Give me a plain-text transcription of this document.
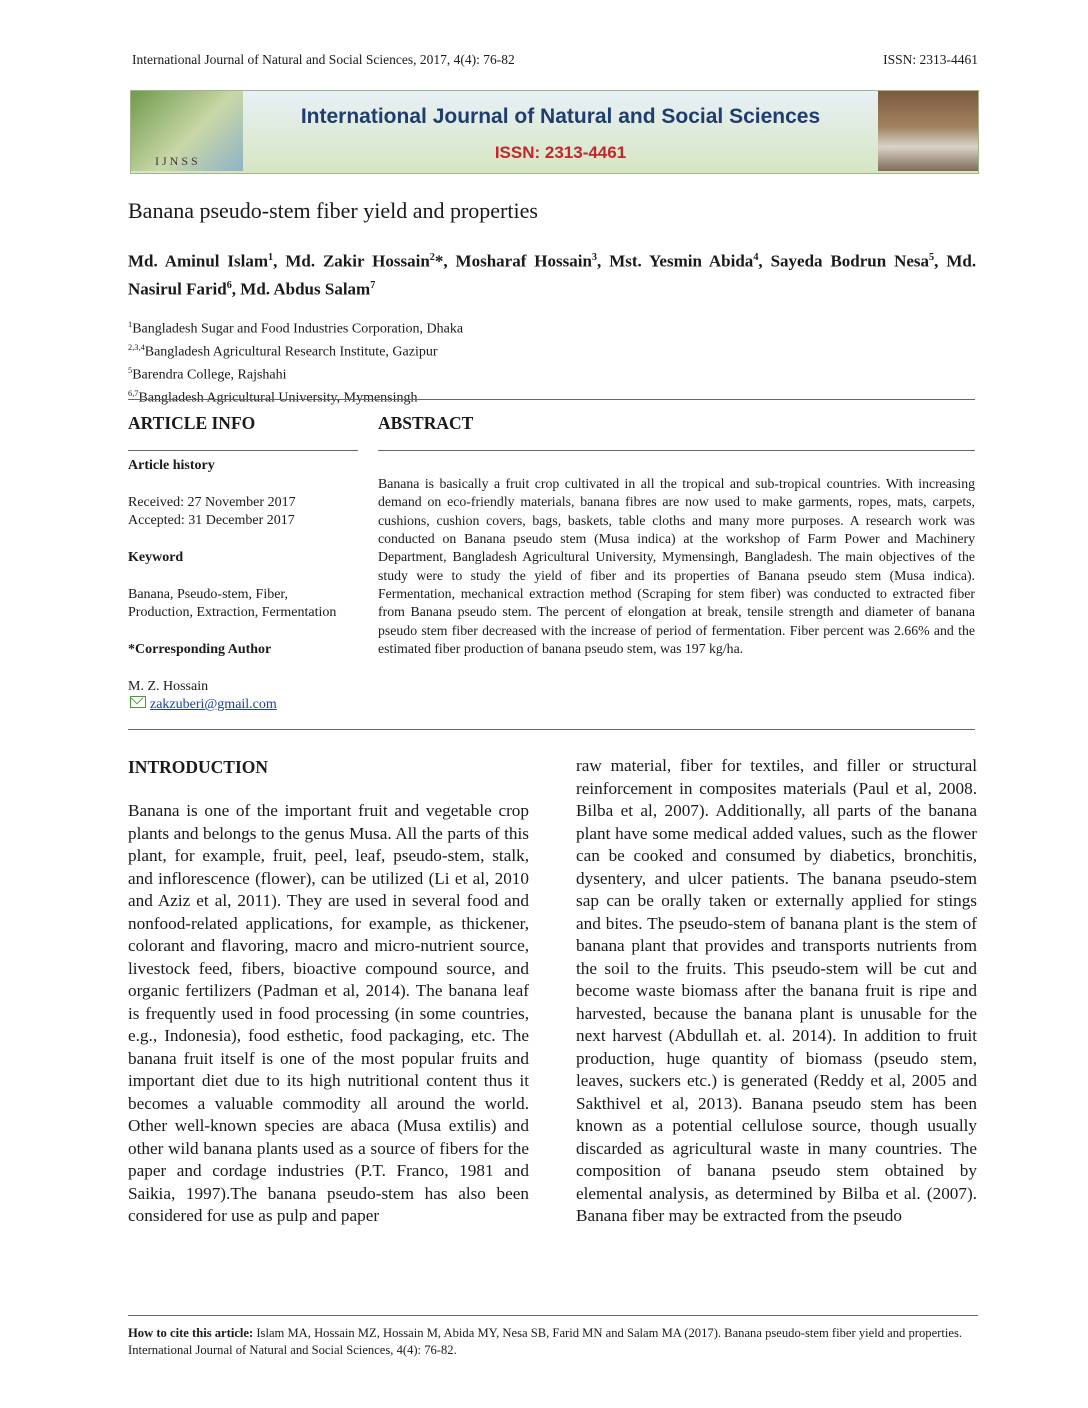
International Journal of Natural and Social Sciences, 2017, 4(4): 76-82	ISSN: 2313-4461
IJNSS
International Journal of Natural and Social Sciences
ISSN: 2313-4461
Banana pseudo-stem fiber yield and properties
Md. Aminul Islam$^1$, Md. Zakir Hossain$^2$*, Mosharaf Hossain$^3$, Mst. Yesmin Abida$^4$, Sayeda Bodrun Nesa$^5$, Md. Nasirul Farid$^6$, Md. Abdus Salam$^7$
$^1$Bangladesh Sugar and Food Industries Corporation, Dhaka
$^{2,3,4}$Bangladesh Agricultural Research Institute, Gazipur
$^5$Barendra College, Rajshahi
$^{6,7}$Bangladesh Agricultural University, Mymensingh
ARTICLE INFO
Article history
Received: 27 November 2017
Accepted: 31 December 2017
Keyword
Banana, Pseudo-stem, Fiber,
Production, Extraction, Fermentation
*Corresponding Author
M. Z. Hossain
zakzuberi@gmail.com
ABSTRACT
Banana is basically a fruit crop cultivated in all the tropical and sub-tropical countries. With increasing demand on eco-friendly materials, banana fibres are now used to make garments, ropes, mats, carpets, cushions, cushion covers, bags, baskets, table cloths and many more purposes. A research work was conducted on Banana pseudo stem (Musa indica) at the workshop of Farm Power and Machinery Department, Bangladesh Agricultural University, Mymensingh, Bangladesh. The main objectives of the study were to study the yield of fiber and its properties of Banana pseudo stem (Musa indica). Fermentation, mechanical extraction method (Scraping for stem fiber) was conducted to extracted fiber from Banana pseudo stem. The percent of elongation at break, tensile strength and diameter of banana pseudo stem fiber decreased with the increase of period of fermentation. Fiber percent was 2.66% and the estimated fiber production of banana pseudo stem, was 197 kg/ha.
INTRODUCTION
Banana is one of the important fruit and vegetable crop plants and belongs to the genus Musa. All the parts of this plant, for example, fruit, peel, leaf, pseudo-stem, stalk, and inflorescence (flower), can be utilized (Li et al, 2010 and Aziz et al, 2011). They are used in several food and nonfood-related applications, for example, as thickener, colorant and flavoring, macro and micro-nutrient source, livestock feed, fibers, bioactive compound source, and organic fertilizers (Padman et al, 2014). The banana leaf is frequently used in food processing (in some countries, e.g., Indonesia), food esthetic, food packaging, etc. The banana fruit itself is one of the most popular fruits and important diet due to its high nutritional content thus it becomes a valuable commodity all around the world. Other well-known species are abaca (Musa extilis) and other wild banana plants used as a source of fibers for the paper and cordage industries (P.T. Franco, 1981 and Saikia, 1997).The banana pseudo-stem has also been considered for use as pulp and paper
raw material, fiber for textiles, and filler or structural reinforcement in composites materials (Paul et al, 2008. Bilba et al, 2007). Additionally, all parts of the banana plant have some medical added values, such as the flower can be cooked and consumed by diabetics, bronchitis, dysentery, and ulcer patients. The banana pseudo-stem sap can be orally taken or externally applied for stings and bites. The pseudo-stem of banana plant is the stem of banana plant that provides and transports nutrients from the soil to the fruits. This pseudo-stem will be cut and become waste biomass after the banana fruit is ripe and harvested, because the banana plant is unusable for the next harvest (Abdullah et. al. 2014). In addition to fruit production, huge quantity of biomass (pseudo stem, leaves, suckers etc.) is generated (Reddy et al, 2005 and Sakthivel et al, 2013). Banana pseudo stem has been known as a potential cellulose source, though usually discarded as agricultural waste in many countries. The composition of banana pseudo stem obtained by elemental analysis, as determined by Bilba et al. (2007). Banana fiber may be extracted from the pseudo
How to cite this article: Islam MA, Hossain MZ, Hossain M, Abida MY, Nesa SB, Farid MN and Salam MA (2017). Banana pseudo-stem fiber yield and properties. International Journal of Natural and Social Sciences, 4(4): 76-82.
